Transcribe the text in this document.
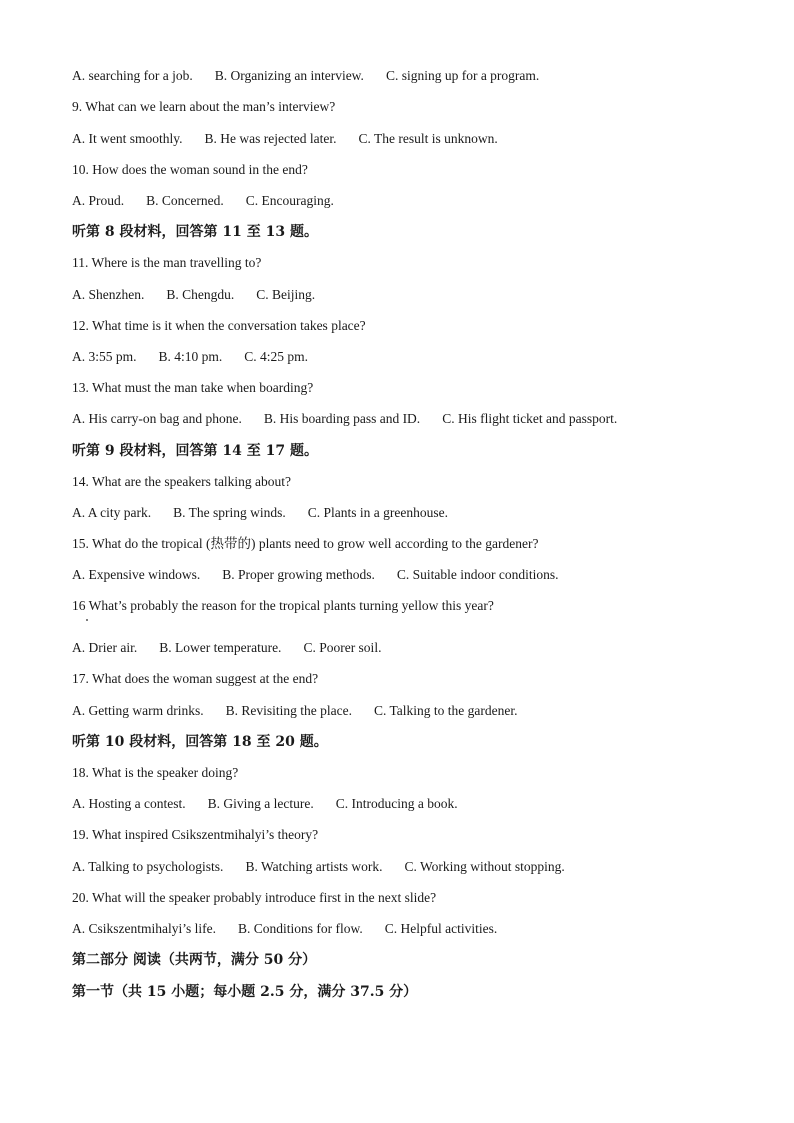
A. searching for a job. B. Organizing an interview. C. signing up for a program.
9. What can we learn about the man’s interview?
A. It went smoothly. B. He was rejected later. C. The result is unknown.
10. How does the woman sound in the end?
A. Proud. B. Concerned. C. Encouraging.
听第 8 段材料，回答第 11 至 13 题。
11. Where is the man travelling to?
A. Shenzhen. B. Chengdu. C. Beijing.
12. What time is it when the conversation takes place?
A. 3:55 pm. B. 4:10 pm. C. 4:25 pm.
13. What must the man take when boarding?
A. His carry-on bag and phone. B. His boarding pass and ID. C. His flight ticket and passport.
听第 9 段材料，回答第 14 至 17 题。
14. What are the speakers talking about?
A. A city park. B. The spring winds. C. Plants in a greenhouse.
15. What do the tropical (热带的) plants need to grow well according to the gardener?
A. Expensive windows. B. Proper growing methods. C. Suitable indoor conditions.
16 What’s probably the reason for the tropical plants turning yellow this year?
A. Drier air. B. Lower temperature. C. Poorer soil.
17. What does the woman suggest at the end?
A. Getting warm drinks. B. Revisiting the place. C. Talking to the gardener.
听第 10 段材料，回答第 18 至 20 题。
18. What is the speaker doing?
A. Hosting a contest. B. Giving a lecture. C. Introducing a book.
19. What inspired Csikszentmihalyi’s theory?
A. Talking to psychologists. B. Watching artists work. C. Working without stopping.
20. What will the speaker probably introduce first in the next slide?
A. Csikszentmihalyi’s life. B. Conditions for flow. C. Helpful activities.
第二部分 阅读（共两节，满分 50 分）
第一节（共 15 小题；每小题 2.5 分，满分 37.5 分）
